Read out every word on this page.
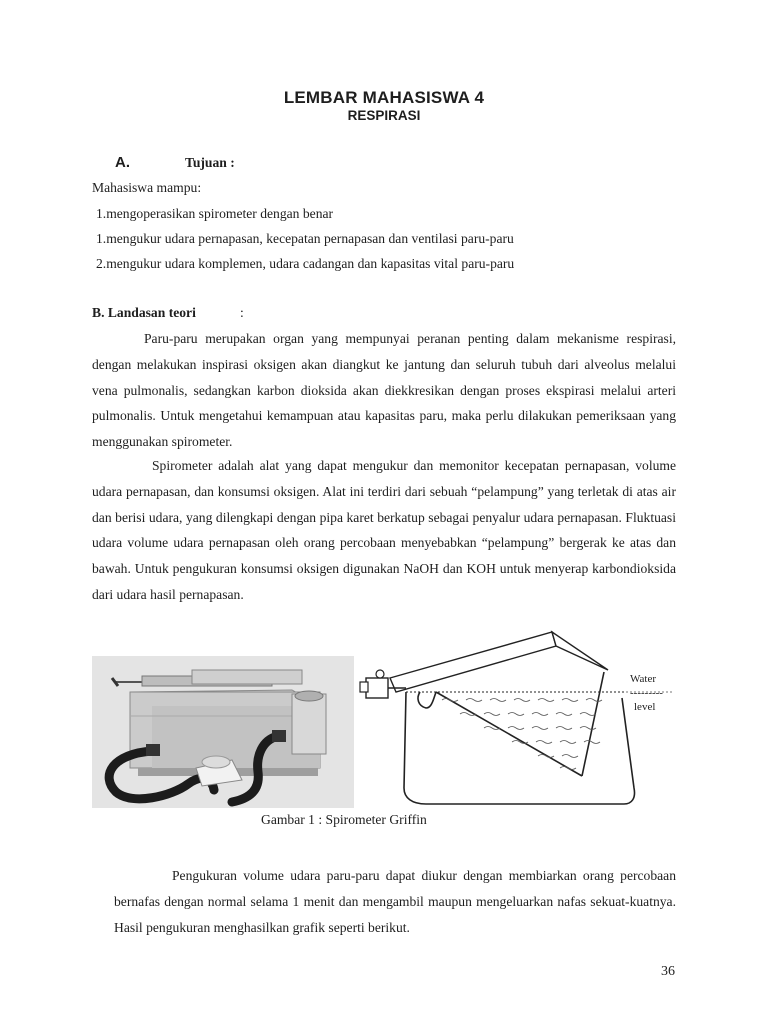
LEMBAR MAHASISWA 4
RESPIRASI
A.	Tujuan :
Mahasiswa mampu:
1.mengoperasikan spirometer dengan benar
1.mengukur udara pernapasan, kecepatan pernapasan dan ventilasi paru-paru
2.mengukur udara komplemen, udara cadangan dan kapasitas vital paru-paru
B. Landasan teori	:

Paru-paru merupakan organ yang mempunyai peranan penting dalam mekanisme respirasi, dengan melakukan inspirasi oksigen akan diangkut ke jantung dan seluruh tubuh dari alveolus melalui vena pulmonalis, sedangkan karbon dioksida akan diekkresikan dengan proses ekspirasi melalui arteri pulmonalis. Untuk mengetahui kemampuan atau kapasitas paru, maka perlu dilakukan pemeriksaan yang menggunakan spirometer.

Spirometer adalah alat yang dapat mengukur dan memonitor kecepatan pernapasan, volume udara pernapasan, dan konsumsi oksigen. Alat ini terdiri dari sebuah “pelampung” yang terletak di atas air dan berisi udara, yang dilengkapi dengan pipa karet berkatup sebagai penyalur udara pernapasan. Fluktuasi udara volume udara pernapasan oleh orang percobaan menyebabkan “pelampung” bergerak ke atas dan bawah. Untuk pengukuran konsumsi oksigen digunakan NaOH dan KOH untuk menyerap karbondioksida dari udara hasil pernapasan.

Water
---------
level
Gambar 1 : Spirometer Griffin

Pengukuran volume udara paru-paru dapat diukur dengan membiarkan orang percobaan bernafas dengan normal selama 1 menit dan mengambil maupun mengeluarkan nafas sekuat-kuatnya. Hasil pengukuran menghasilkan grafik seperti berikut.

36
